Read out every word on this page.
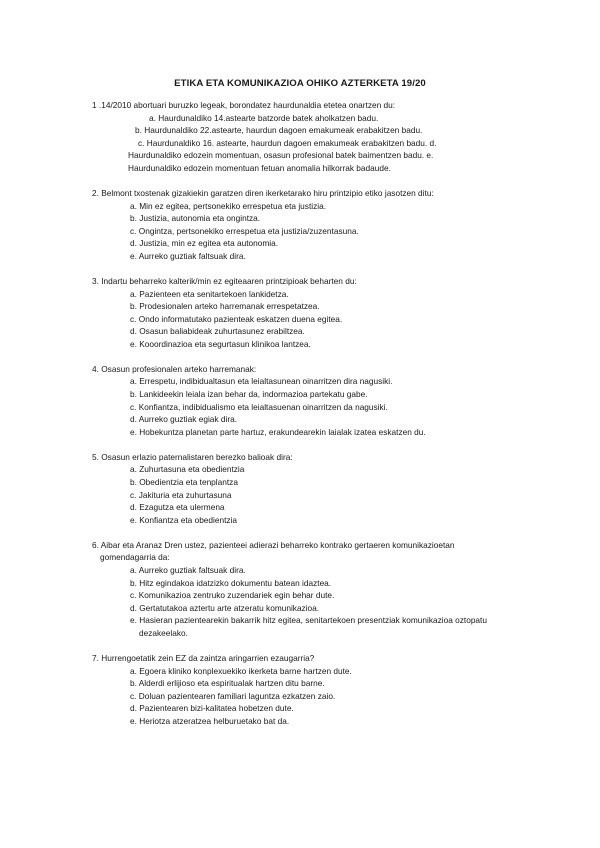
ETIKA ETA KOMUNIKAZIOA OHIKO AZTERKETA 19/20

1 .14/2010 abortuari buruzko legeak, borondatez haurdunaldia etetea onartzen du:

a. Haurdunaldiko 14.astearte batzorde batek aholkatzen badu.

b. Haurdunaldiko 22.astearte, haurdun dagoen emakumeak erabakitzen badu.

c. Haurdunaldiko 16. astearte, haurdun dagoen emakumeak erabakitzen badu. d.

Haurdunaldiko edozein momentuan, osasun profesional batek baimentzen badu. e.

Haurdunaldiko edozein momentuan fetuan anomalia hilkorrak badaude.

2. Belmont txostenak gizakiekin garatzen diren ikerketarako hiru printzipio etiko jasotzen ditu:

a. Min ez egitea, pertsonekiko errespetua eta justizia.

b. Justizia, autonomia eta ongintza.

c. Ongintza, pertsonekiko errespetua eta justizia/zuzentasuna.

d. Justizia, min ez egitea eta autonomia.

e. Aurreko guztiak faltsuak dira.

3. Indartu beharreko kalterik/min ez egiteaaren printzipioak beharten du:

a. Pazienteen eta senitartekoen lankidetza.

b. Prodesionalen arteko harremanak errespetatzea.

c. Ondo informatutako pazienteak eskatzen duena egitea.

d. Osasun baliabideak zuhurtasunez erabiltzea.

e. Kooordinazioa eta segurtasun klinikoa lantzea.

4. Osasun profesionalen arteko harremanak:

a. Errespetu, indibidualtasun eta leialtasunean oinarritzen dira nagusiki.

b. Lankideekin leiala izan behar da, indormazioa partekatu gabe.

c. Konfiantza, indibidualismo eta leialtasuenan oinarritzen da nagusiki.

d. Aurreko guztiak egiak dira.

e. Hobekuntza planetan parte hartuz, erakundearekin laialak izatea eskatzen du.

5. Osasun erlazio paternalistaren berezko balioak dira:

a. Zuhurtasuna eta obedientzia

b. Obedientzia eta tenplantza

c. Jakituria eta zuhurtasuna

d. Ezagutza eta ulermena

e. Konfiantza eta obedientzia

6. Aibar eta Aranaz Dren ustez, pazienteei adierazi beharreko kontrako gertaeren komunikazioetan

gomendagarria da:

a. Aurreko guztiak faltsuak dira.

b. Hitz egindakoa idatzizko dokumentu batean idaztea.

c. Komunikazioa zentruko zuzendariek egin behar dute.

d. Gertatutakoa aztertu arte atzeratu komunikazioa.

e. Hasieran pazientearekin bakarrik hitz egitea, senitartekoen presentziak komunikazioa oztopatu

dezakeelako.

7. Hurrengoetatik zein EZ da zaintza aringarrien ezaugarria?

a. Egoera kliniko konplexuekiko ikerketa barne hartzen dute.

b. Alderdi erlijioso eta espiritualak hartzen ditu barne.

c. Doluan pazientearen familiari laguntza ezkatzen zaio.

d. Pazientearen bizi-kalitatea hobetzen dute.

e. Heriotza atzeratzea helburuetako bat da.
